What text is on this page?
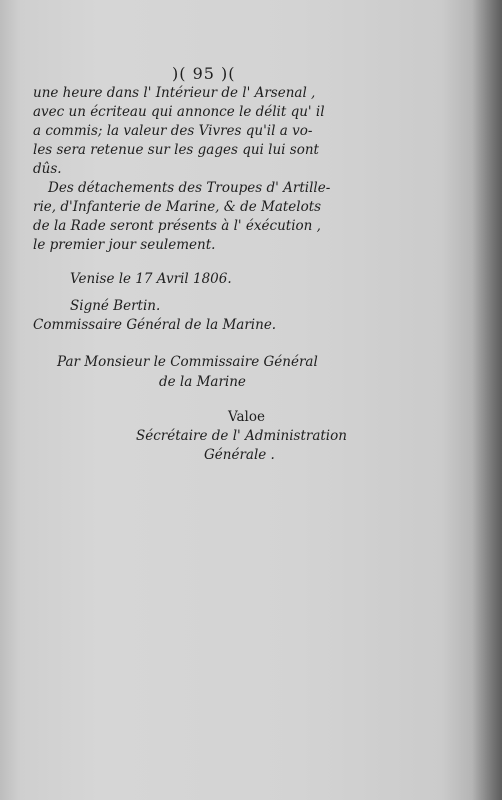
)( 95 )(
une heure dans l' Intérieur de l' Arsenal ,
avec un écriteau qui annonce le délit qu' il
a commis; la valeur des Vivres qu'il a vo-
les sera retenue sur les gages qui lui sont
dûs.
Des détachements des Troupes d' Artille-
rie, d'Infanterie de Marine, & de Matelots
de la Rade seront présents à l' éxécution ,
le premier jour seulement.
Venise le 17 Avril 1806.
Signé Bertin.
Commissaire Général de la Marine.
Par Monsieur le Commissaire Général
de la Marine
Valoe
Sécrétaire de l' Administration
Générale .
